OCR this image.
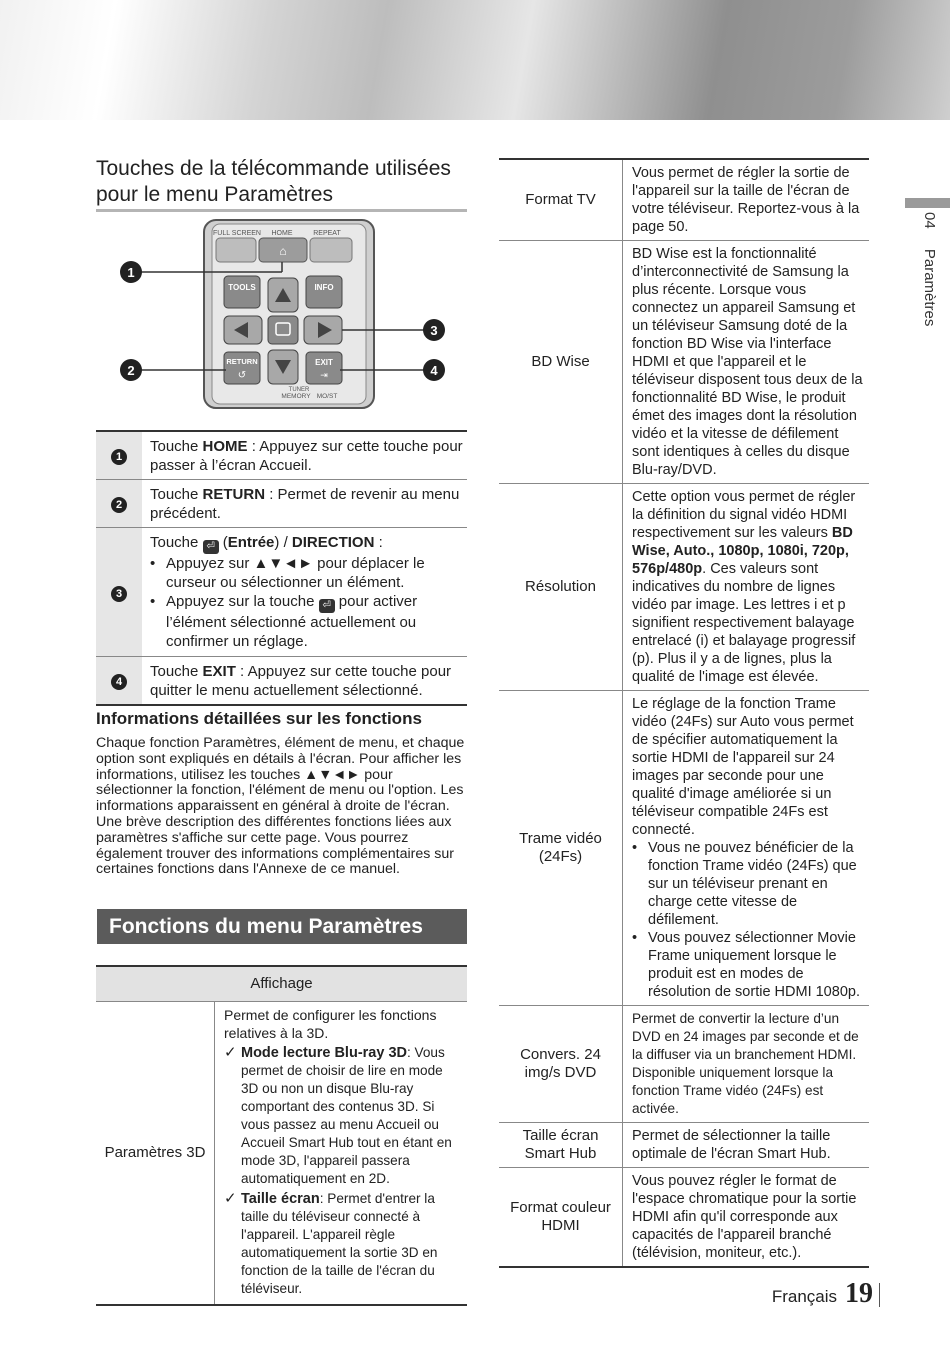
04 Paramètres
Touches de la télécommande utilisées pour le menu Paramètres
FULL SCREEN HOME	REPEAT
⌂
TOOLS	INFO
RETURN
↺
EXIT
⇥
TUNER
MEMORY MO/ST
1
2
3
4
1	Touche HOME : Appuyez sur cette touche pour passer à l’écran Accueil.
2	Touche RETURN : Permet de revenir au menu précédent.
3	Touche ⏎ (Entrée) / DIRECTION :
• Appuyez sur ▲▼◄► pour déplacer le curseur ou sélectionner un élément.
• Appuyez sur la touche ⏎ pour activer l’élément sélectionné actuellement ou confirmer un réglage.

4	Touche EXIT : Appuyez sur cette touche pour quitter le menu actuellement sélectionné.
Informations détaillées sur les fonctions

Chaque fonction Paramètres, élément de menu, et chaque option sont expliqués en détails à l'écran. Pour afficher les informations, utilisez les touches ▲▼◄► pour sélectionner la fonction, l'élément de menu ou l'option. Les informations apparaissent en général à droite de l'écran. Une brève description des différentes fonctions liées aux paramètres s'affiche sur cette page. Vous pourrez également trouver des informations complémentaires sur certaines fonctions dans l'Annexe de ce manuel.

Fonctions du menu Paramètres
Affichage
Paramètres 3D	
Permet de configurer les fonctions relatives à la 3D.
✓ Mode lecture Blu-ray 3D: Vous permet de choisir de lire en mode 3D ou non un disque Blu-ray comportant des contenus 3D. Si vous passez au menu Accueil ou Accueil Smart Hub tout en étant en mode 3D, l'appareil passera automatiquement en 2D.
✓ Taille écran: Permet d'entrer la taille du téléviseur connecté à l'appareil. L'appareil règle automatiquement la sortie 3D en fonction de la taille de l'écran du téléviseur.
Format TV	Vous permet de régler la sortie de l'appareil sur la taille de l'écran de votre téléviseur. Reportez-vous à la page 50.
BD Wise	BD Wise est la fonctionnalité d’interconnectivité de Samsung la plus récente. Lorsque vous connectez un appareil Samsung et un téléviseur Samsung doté de la fonction BD Wise via l'interface HDMI et que l'appareil et le téléviseur disposent tous deux de la fonctionnalité BD Wise, le produit émet des images dont la résolution vidéo et la vitesse de défilement sont identiques à celles du disque Blu-ray/DVD.
Résolution	Cette option vous permet de régler la définition du signal vidéo HDMI respectivement sur les valeurs BD Wise, Auto., 1080p, 1080i, 720p, 576p/480p. Ces valeurs sont indicatives du nombre de lignes vidéo par image. Les lettres i et p signifient respectivement balayage entrelacé (i) et balayage progressif (p). Plus il y a de lignes, plus la qualité de l'image est élevée.
Trame vidéo (24Fs)	Le réglage de la fonction Trame vidéo (24Fs) sur Auto vous permet de spécifier automatiquement la sortie HDMI de l'appareil sur 24 images par seconde pour une qualité d'image améliorée si un téléviseur compatible 24Fs est connecté.
• Vous ne pouvez bénéficier de la fonction Trame vidéo (24Fs) que sur un téléviseur prenant en charge cette vitesse de défilement.
• Vous pouvez sélectionner Movie Frame uniquement lorsque le produit est en modes de résolution de sortie HDMI 1080p.

Convers. 24 img/s DVD	Permet de convertir la lecture d’un DVD en 24 images par seconde et de la diffuser via un branchement HDMI. Disponible uniquement lorsque la fonction Trame vidéo (24Fs) est activée.
Taille écran Smart Hub	Permet de sélectionner la taille optimale de l'écran Smart Hub.
Format couleur HDMI	Vous pouvez régler le format de l'espace chromatique pour la sortie HDMI afin qu'il corresponde aux capacités de l'appareil branché (télévision, moniteur, etc.).
Français 19
